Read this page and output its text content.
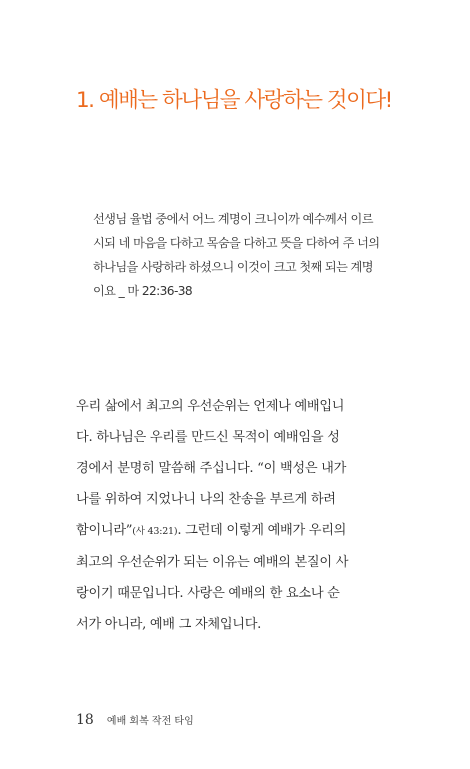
1. 예배는 하나님을 사랑하는 것이다!
선생님 율법 중에서 어느 계명이 크니이까 예수께서 이르
시되 네 마음을 다하고 목숨을 다하고 뜻을 다하여 주 너의
하나님을 사랑하라 하셨으니 이것이 크고 첫째 되는 계명
이요 _ 마 22:36-38
우리 삶에서 최고의 우선순위는 언제나 예배입니
다. 하나님은 우리를 만드신 목적이 예배임을 성
경에서 분명히 말씀해 주십니다. “이 백성은 내가
나를 위하여 지었나니 나의 찬송을 부르게 하려
함이니라”(사 43:21). 그런데 이렇게 예배가 우리의
최고의 우선순위가 되는 이유는 예배의 본질이 사
랑이기 때문입니다. 사랑은 예배의 한 요소나 순
서가 아니라, 예배 그 자체입니다.
18 예배 회복 작전 타임
